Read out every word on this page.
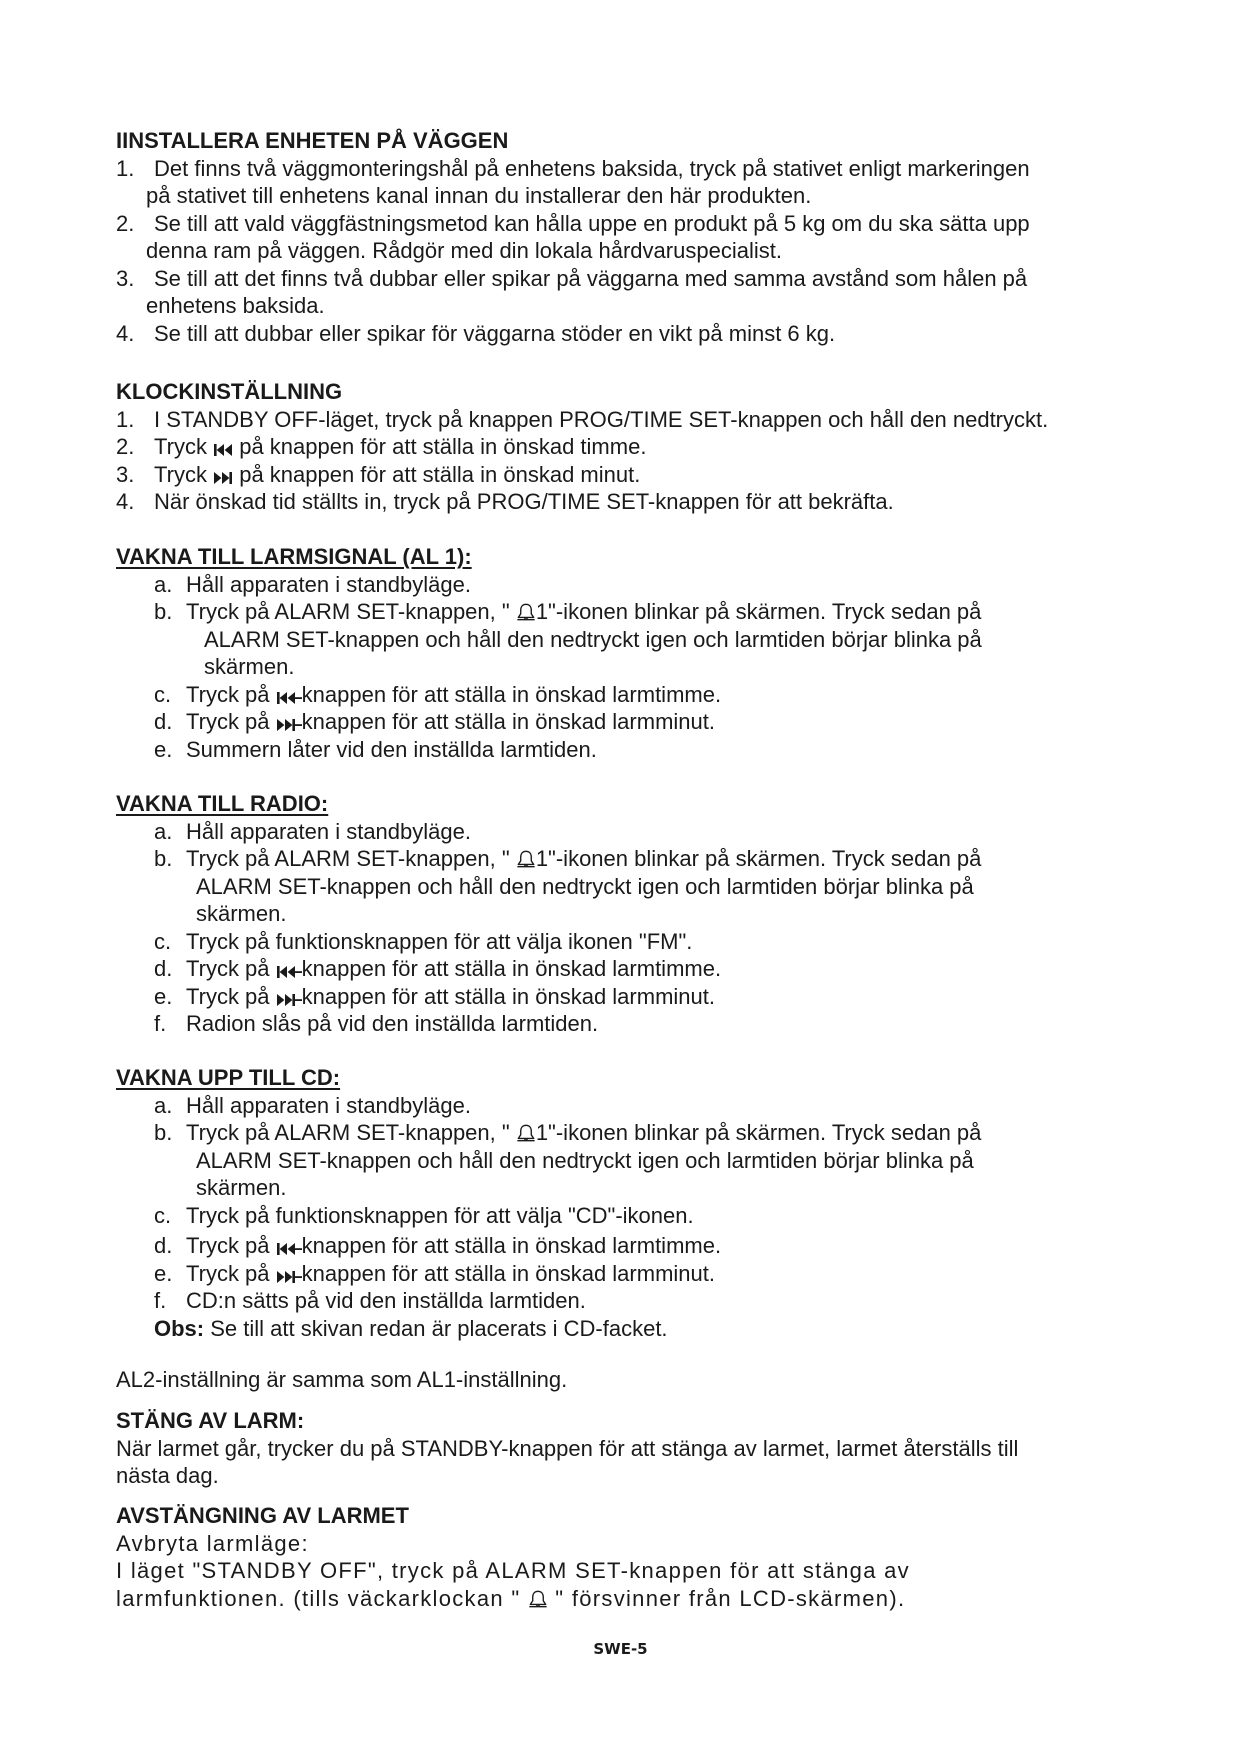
IINSTALLERA ENHETEN PÅ VÄGGEN
1. Det finns två väggmonteringshål på enhetens baksida, tryck på stativet enligt markeringen
på stativet till enhetens kanal innan du installerar den här produkten.
2. Se till att vald väggfästningsmetod kan hålla uppe en produkt på 5 kg om du ska sätta upp
denna ram på väggen. Rådgör med din lokala hårdvaruspecialist.
3. Se till att det finns två dubbar eller spikar på väggarna med samma avstånd som hålen på
enhetens baksida.
4. Se till att dubbar eller spikar för väggarna stöder en vikt på minst 6 kg.
KLOCKINSTÄLLNING
1. I STANDBY OFF-läget, tryck på knappen PROG/TIME SET-knappen och håll den nedtryckt.
2. Tryck på knappen för att ställa in önskad timme.
3. Tryck på knappen för att ställa in önskad minut.
4. När önskad tid ställts in, tryck på PROG/TIME SET-knappen för att bekräfta.
VAKNA TILL LARMSIGNAL (AL 1):
a. Håll apparaten i standbyläge.
b. Tryck på ALARM SET-knappen, " 1"-ikonen blinkar på skärmen. Tryck sedan på
ALARM SET-knappen och håll den nedtryckt igen och larmtiden börjar blinka på
skärmen.
c. Tryck på knappen för att ställa in önskad larmtimme.
d. Tryck på knappen för att ställa in önskad larmminut.
e. Summern låter vid den inställda larmtiden.
VAKNA TILL RADIO:
a. Håll apparaten i standbyläge.
b. Tryck på ALARM SET-knappen, " 1"-ikonen blinkar på skärmen. Tryck sedan på
ALARM SET-knappen och håll den nedtryckt igen och larmtiden börjar blinka på
skärmen.
c. Tryck på funktionsknappen för att välja ikonen "FM".
d. Tryck på knappen för att ställa in önskad larmtimme.
e. Tryck på knappen för att ställa in önskad larmminut.
f. Radion slås på vid den inställda larmtiden.
VAKNA UPP TILL CD:
a. Håll apparaten i standbyläge.
b. Tryck på ALARM SET-knappen, " 1"-ikonen blinkar på skärmen. Tryck sedan på
ALARM SET-knappen och håll den nedtryckt igen och larmtiden börjar blinka på
skärmen.
c. Tryck på funktionsknappen för att välja "CD"-ikonen.
d. Tryck på knappen för att ställa in önskad larmtimme.
e. Tryck på knappen för att ställa in önskad larmminut.
f. CD:n sätts på vid den inställda larmtiden.
Obs: Se till att skivan redan är placerats i CD-facket.
AL2-inställning är samma som AL1-inställning.
STÄNG AV LARM:
När larmet går, trycker du på STANDBY-knappen för att stänga av larmet, larmet återställs till
nästa dag.
AVSTÄNGNING AV LARMET
Avbryta larmläge:
I läget "STANDBY OFF", tryck på ALARM SET-knappen för att stänga av
larmfunktionen. (tills väckarklockan " " försvinner från LCD-skärmen).
SWE-5
